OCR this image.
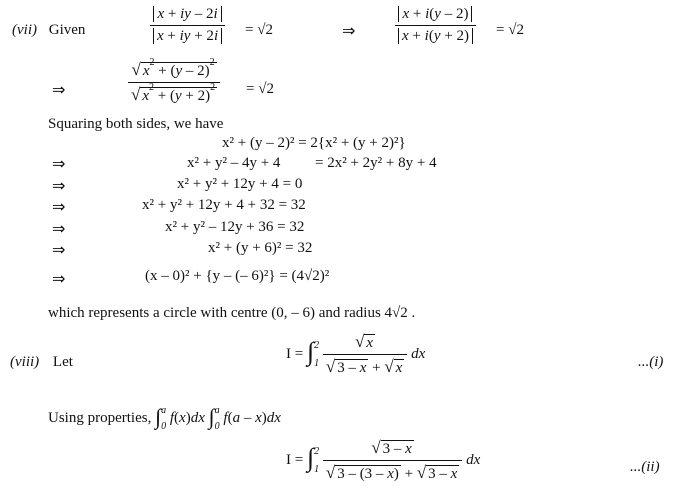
(vii) Given	$\frac{x + iy - 2i}{x + iy + 2i} = √2$	⇒	$\frac{x + i(y - 2)}{x + i(y + 2)} = √2$
⇒	$\frac{√ x^2 + (y - 2)^2}{√ x^2 + (y + 2)^2} = √2$
Squaring both sides, we have
x² + (y – 2)² = 2{x² + (y + 2)²}
⇒	x² + y² – 4y + 4 = 2x² + 2y² + 8y + 4
⇒	x² + y² + 12y + 4 = 0
⇒	x² + y² + 12y + 4 + 32 = 32
⇒	x² + y² – 12y + 36 = 32
⇒	x² + (y + 6)² = 32
⇒	(x – 0)² + {y – (– 6)²} = (4√2)²
which represents a circle with centre (0, – 6) and radius 4√2 .
(viii) Let	I = ∫ 2
1
$\frac{√ x}{√ 3 - x + √ x}$ dx	...(i)
Using properties, ∫ a
0
f(x)dx ∫ a
0
f(a – x)dx
I = ∫ 2
1
$\frac{√ 3 - x}{√ 3 - (3 - x) + √ 3 - x}$ dx	...(ii)
